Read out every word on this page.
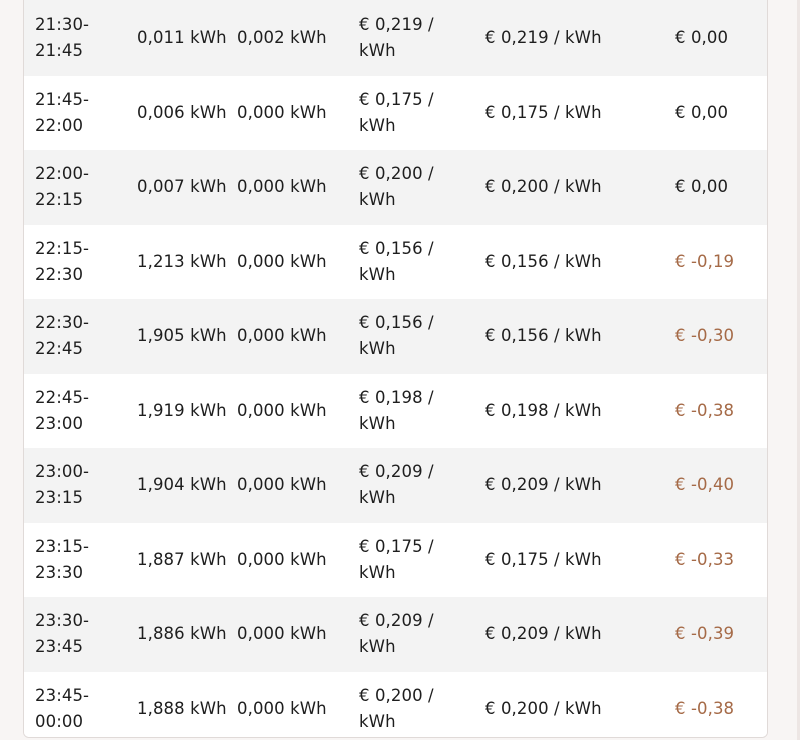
21:30-21:45	0,011 kWh	0,002 kWh	€ 0,219 / kWh	€ 0,219 / kWh	€ 0,00
21:45-22:00	0,006 kWh	0,000 kWh	€ 0,175 / kWh	€ 0,175 / kWh	€ 0,00
22:00-22:15	0,007 kWh	0,000 kWh	€ 0,200 / kWh	€ 0,200 / kWh	€ 0,00
22:15-22:30	1,213 kWh	0,000 kWh	€ 0,156 / kWh	€ 0,156 / kWh	€ -0,19
22:30-22:45	1,905 kWh	0,000 kWh	€ 0,156 / kWh	€ 0,156 / kWh	€ -0,30
22:45-23:00	1,919 kWh	0,000 kWh	€ 0,198 / kWh	€ 0,198 / kWh	€ -0,38
23:00-23:15	1,904 kWh	0,000 kWh	€ 0,209 / kWh	€ 0,209 / kWh	€ -0,40
23:15-23:30	1,887 kWh	0,000 kWh	€ 0,175 / kWh	€ 0,175 / kWh	€ -0,33
23:30-23:45	1,886 kWh	0,000 kWh	€ 0,209 / kWh	€ 0,209 / kWh	€ -0,39
23:45-00:00	1,888 kWh	0,000 kWh	€ 0,200 / kWh	€ 0,200 / kWh	€ -0,38
